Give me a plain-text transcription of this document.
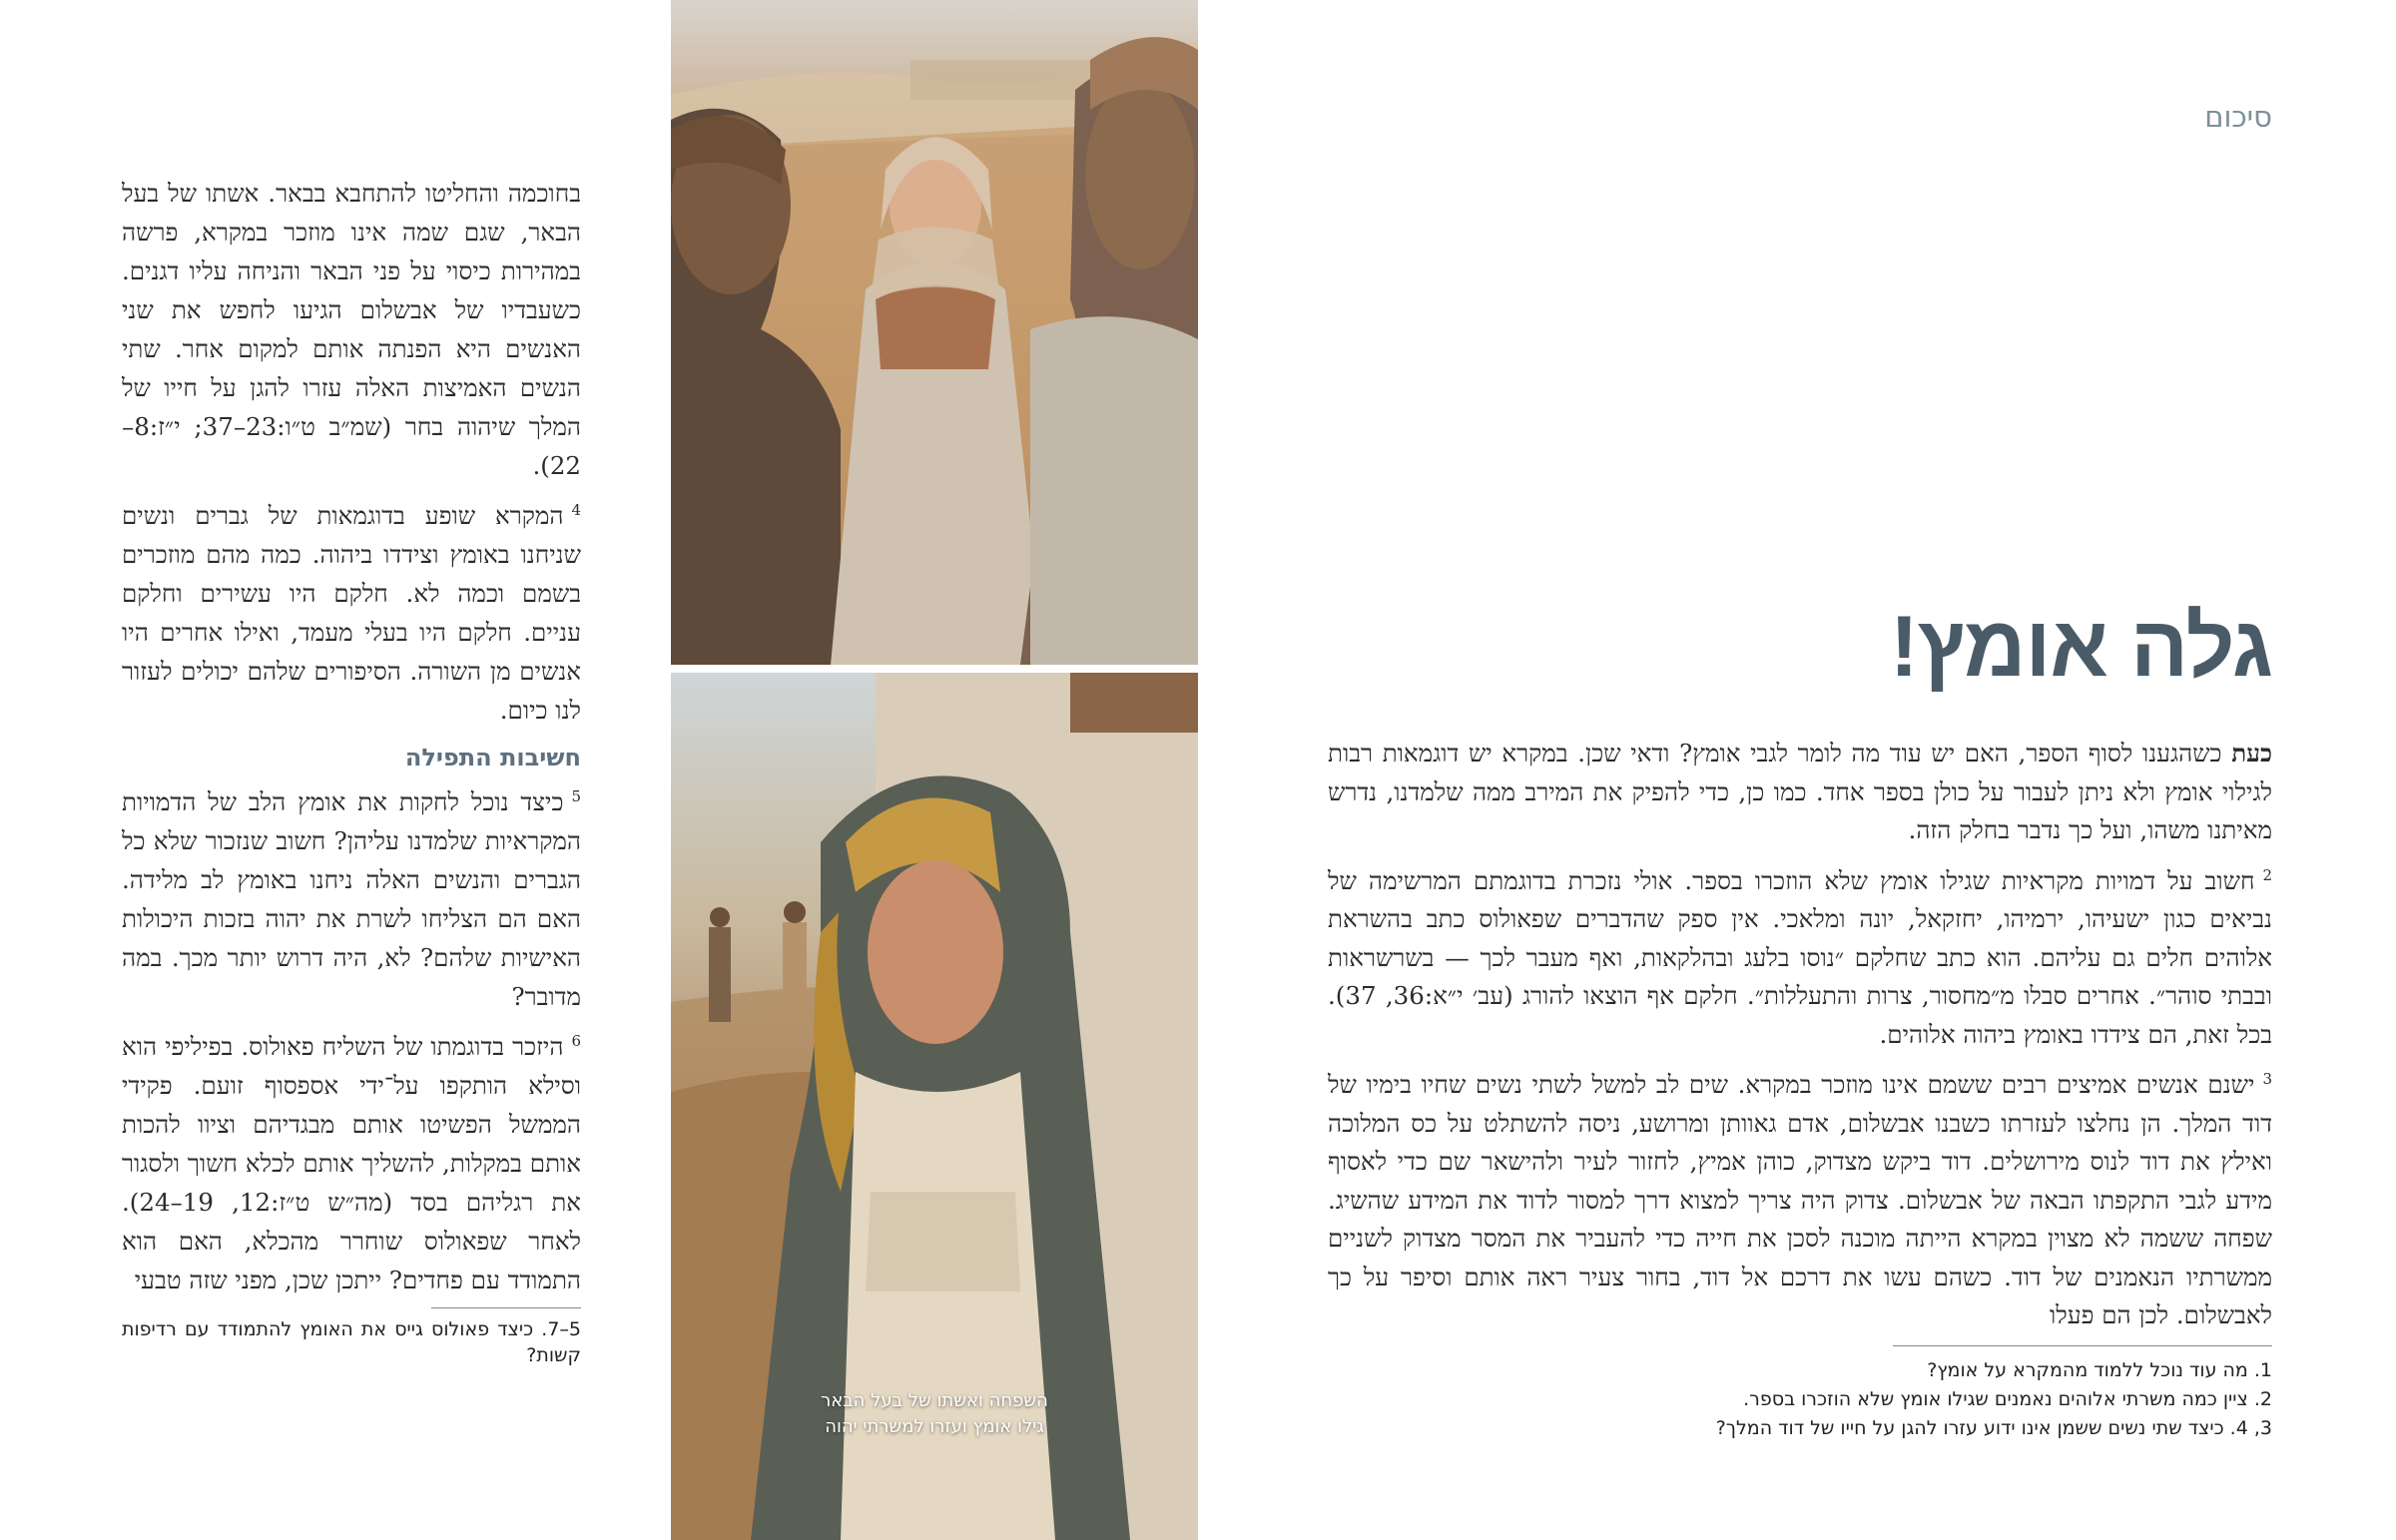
בחוכמה והחליטו להתחבא בבאר. אשתו של בעל הבאר, שגם שמה אינו מוזכר במקרא, פרשה במהירות כיסוי על פני הבאר והניחה עליו דגנים. כשעבדיו של אבשלום הגיעו לחפש את שני האנשים היא הפנתה אותם למקום אחר. שתי הנשים האמיצות האלה עזרו להגן על חייו של המלך שיהוה בחר (שמ״ב ט״ו:23–37; י״ז:8–22).

$^4$המקרא שופע בדוגמאות של גברים ונשים שניחנו באומץ וצידדו ביהוה. כמה מהם מוזכרים בשמם וכמה לא. חלקם היו עשירים וחלקם עניים. חלקם היו בעלי מעמד, ואילו אחרים היו אנשים מן השורה. הסיפורים שלהם יכולים לעזור לנו כיום.

חשיבות התפילה

$^5$כיצד נוכל לחקות את אומץ הלב של הדמויות המקראיות שלמדנו עליהן? חשוב שנזכור שלא כל הגברים והנשים האלה ניחנו באומץ לב מלידה. האם הם הצליחו לשרת את יהוה בזכות היכולות האישיות שלהם? לא, היה דרוש יותר מכך. במה מדובר?

$^6$היזכר בדוגמתו של השליח פאולוס. בפיליפי הוא וסילא הותקפו על־ידי אספסוף זועם. פקידי הממשל הפשיטו אותם מבגדיהם וציוו להכות אותם במקלות, להשליך אותם לכלא חשוך ולסגור את רגליהם בסד (מה״ש ט״ז:12, 19–24). לאחר שפאולוס שוחרר מהכלא, האם הוא התמודד עם פחדים? ייתכן שכן, מפני שזה טבעי

5–7. כיצד פאולוס גייס את האומץ להתמודד עם רדיפות קשות?
השפחה ואשתו של בעל הבאר
גילו אומץ ועזרו למשרתי יהוה
סיכום
גלה אומץ!

כעת כשהגענו לסוף הספר, האם יש עוד מה לומר לגבי אומץ? ודאי שכן. במקרא יש דוגמאות רבות לגילוי אומץ ולא ניתן לעבור על כולן בספר אחד. כמו כן, כדי להפיק את המירב ממה שלמדנו, נדרש מאיתנו משהו, ועל כך נדבר בחלק הזה.

$^2$חשוב על דמויות מקראיות שגילו אומץ שלא הוזכרו בספר. אולי נזכרת בדוגמתם המרשימה של נביאים כגון ישעיהו, ירמיהו, יחזקאל, יונה ומלאכי. אין ספק שהדברים שפאולוס כתב בהשראת אלוהים חלים גם עליהם. הוא כתב שחלקם ״נוסו בלעג ובהלקאות, ואף מעבר לכך — בשרשראות ובבתי סוהר״. אחרים סבלו מ״מחסור, צרות והתעללות״. חלקם אף הוצאו להורג (עב׳ י״א:36, 37). בכל זאת, הם צידדו באומץ ביהוה אלוהים.

$^3$ישנם אנשים אמיצים רבים ששמם אינו מוזכר במקרא. שים לב למשל לשתי נשים שחיו בימיו של דוד המלך. הן נחלצו לעזרתו כשבנו אבשלום, אדם גאוותן ומרושע, ניסה להשתלט על כס המלוכה ואילץ את דוד לנוס מירושלים. דוד ביקש מצדוק, כוהן אמיץ, לחזור לעיר ולהישאר שם כדי לאסוף מידע לגבי התקפתו הבאה של אבשלום. צדוק היה צריך למצוא דרך למסור לדוד את המידע שהשיג. שפחה ששמה לא מצוין במקרא הייתה מוכנה לסכן את חייה כדי להעביר את המסר מצדוק לשניים ממשרתיו הנאמנים של דוד. כשהם עשו את דרכם אל דוד, בחור צעיר ראה אותם וסיפר על כך לאבשלום. לכן הם פעלו

1. מה עוד נוכל ללמוד מהמקרא על אומץ?
2. ציין כמה משרתי אלוהים נאמנים שגילו אומץ שלא הוזכרו בספר.
3, 4. כיצד שתי נשים ששמן אינו ידוע עזרו להגן על חייו של דוד המלך?
